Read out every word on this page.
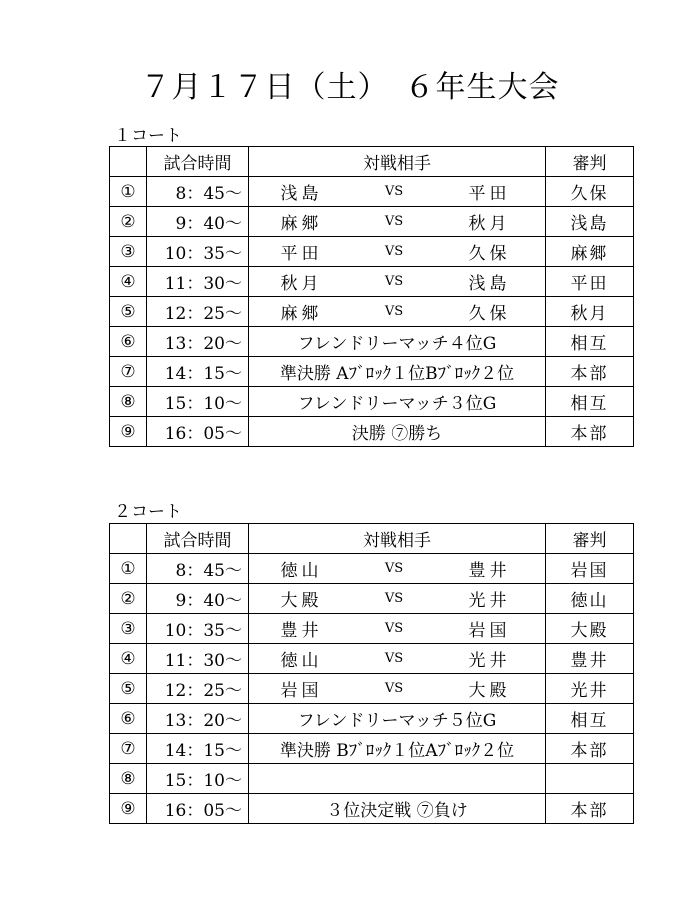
７月１７日（土）　６年生大会
１コート
	試合時間	対戦相手	審判
①	8：45～	浅島 VS 平田	久保
②	9：40～	麻郷 VS 秋月	浅島
③	10：35～	平田 VS 久保	麻郷
④	11：30～	秋月 VS 浅島	平田
⑤	12：25～	麻郷 VS 久保	秋月
⑥	13：20～	フレンドリーマッチ４位G	相互
⑦	14：15～	準決勝 Aﾌﾞﾛｯｸ１位Bﾌﾞﾛｯｸ２位	本部
⑧	15：10～	フレンドリーマッチ３位G	相互
⑨	16：05～	決勝 ⑦勝ち	本部
２コート
	試合時間	対戦相手	審判
①	8：45～	徳山 VS 豊井	岩国
②	9：40～	大殿 VS 光井	徳山
③	10：35～	豊井 VS 岩国	大殿
④	11：30～	徳山 VS 光井	豊井
⑤	12：25～	岩国 VS 大殿	光井
⑥	13：20～	フレンドリーマッチ５位G	相互
⑦	14：15～	準決勝 Bﾌﾞﾛｯｸ１位Aﾌﾞﾛｯｸ２位	本部
⑧	15：10～	

⑨	16：05～	３位決定戦 ⑦負け	本部
